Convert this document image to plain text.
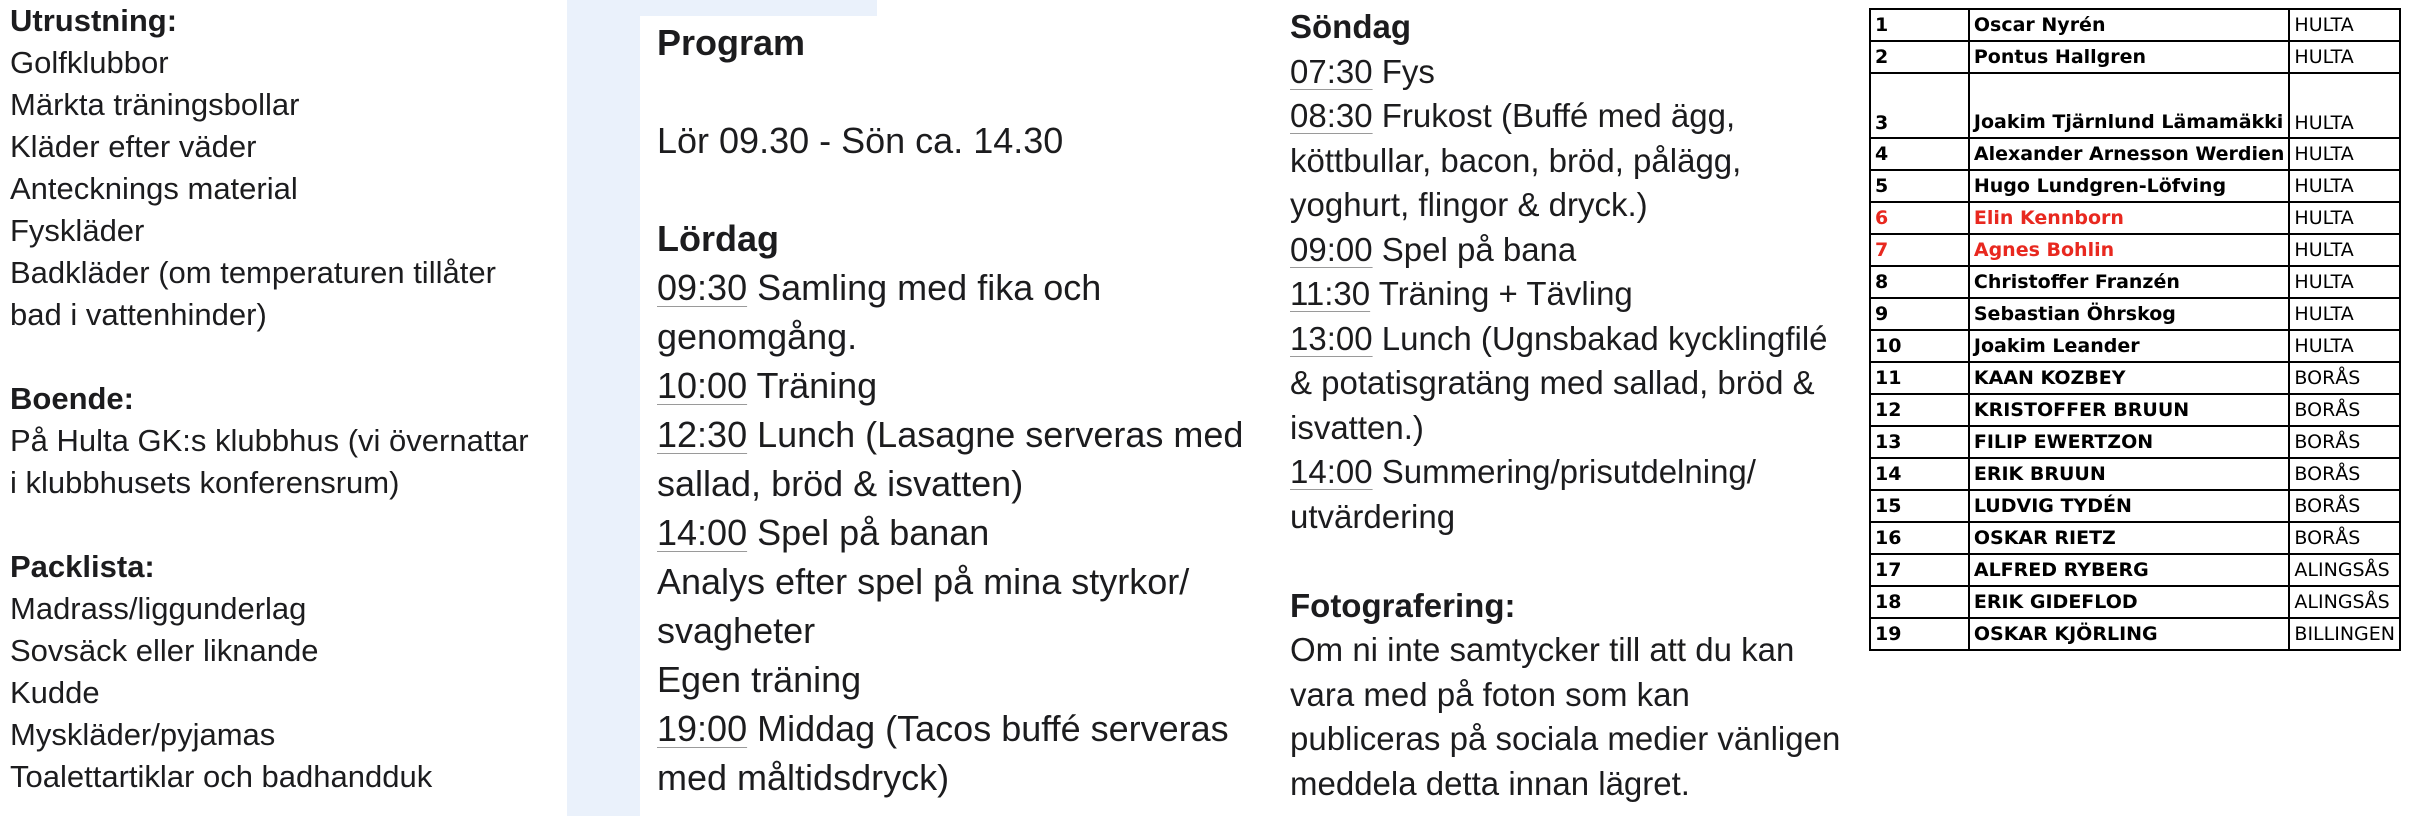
Utrustning:
Golfklubbor
Märkta träningsbollar
Kläder efter väder
Antecknings material
Fyskläder
Badkläder (om temperaturen tillåter
bad i vattenhinder)
Boende:
På Hulta GK:s klubbhus (vi övernattar
i klubbhusets konferensrum)
Packlista:
Madrass/liggunderlag
Sovsäck eller liknande
Kudde
Myskläder/pyjamas
Toalettartiklar och badhandduk
Program
Lör 09.30 - Sön ca. 14.30
Lördag
09:30 Samling med fika och
genomgång.
10:00 Träning
12:30 Lunch (Lasagne serveras med
sallad, bröd & isvatten)
14:00 Spel på banan
Analys efter spel på mina styrkor/
svagheter
Egen träning
19:00 Middag (Tacos buffé serveras
med måltidsdryck)
Söndag
07:30 Fys
08:30 Frukost (Buffé med ägg,
köttbullar, bacon, bröd, pålägg,
yoghurt, flingor & dryck.)
09:00 Spel på bana
11:30 Träning + Tävling
13:00 Lunch (Ugnsbakad kycklingfilé
& potatisgratäng med sallad, bröd &
isvatten.)
14:00 Summering/prisutdelning/
utvärdering
Fotografering:
Om ni inte samtycker till att du kan
vara med på foton som kan
publiceras på sociala medier vänligen
meddela detta innan lägret.
1	Oscar Nyrén	HULTA
2	Pontus Hallgren	HULTA
3	Joakim Tjärnlund Lämamäkki	HULTA
4	Alexander Arnesson Werdien	HULTA
5	Hugo Lundgren-Löfving	HULTA
6	Elin Kennborn	HULTA
7	Agnes Bohlin	HULTA
8	Christoffer Franzén	HULTA
9	Sebastian Öhrskog	HULTA
10	Joakim Leander	HULTA
11	KAAN KOZBEY	BORÅS
12	KRISTOFFER BRUUN	BORÅS
13	FILIP EWERTZON	BORÅS
14	ERIK BRUUN	BORÅS
15	LUDVIG TYDÉN	BORÅS
16	OSKAR RIETZ	BORÅS
17	ALFRED RYBERG	ALINGSÅS
18	ERIK GIDEFLOD	ALINGSÅS
19	OSKAR KJÖRLING	BILLINGEN
